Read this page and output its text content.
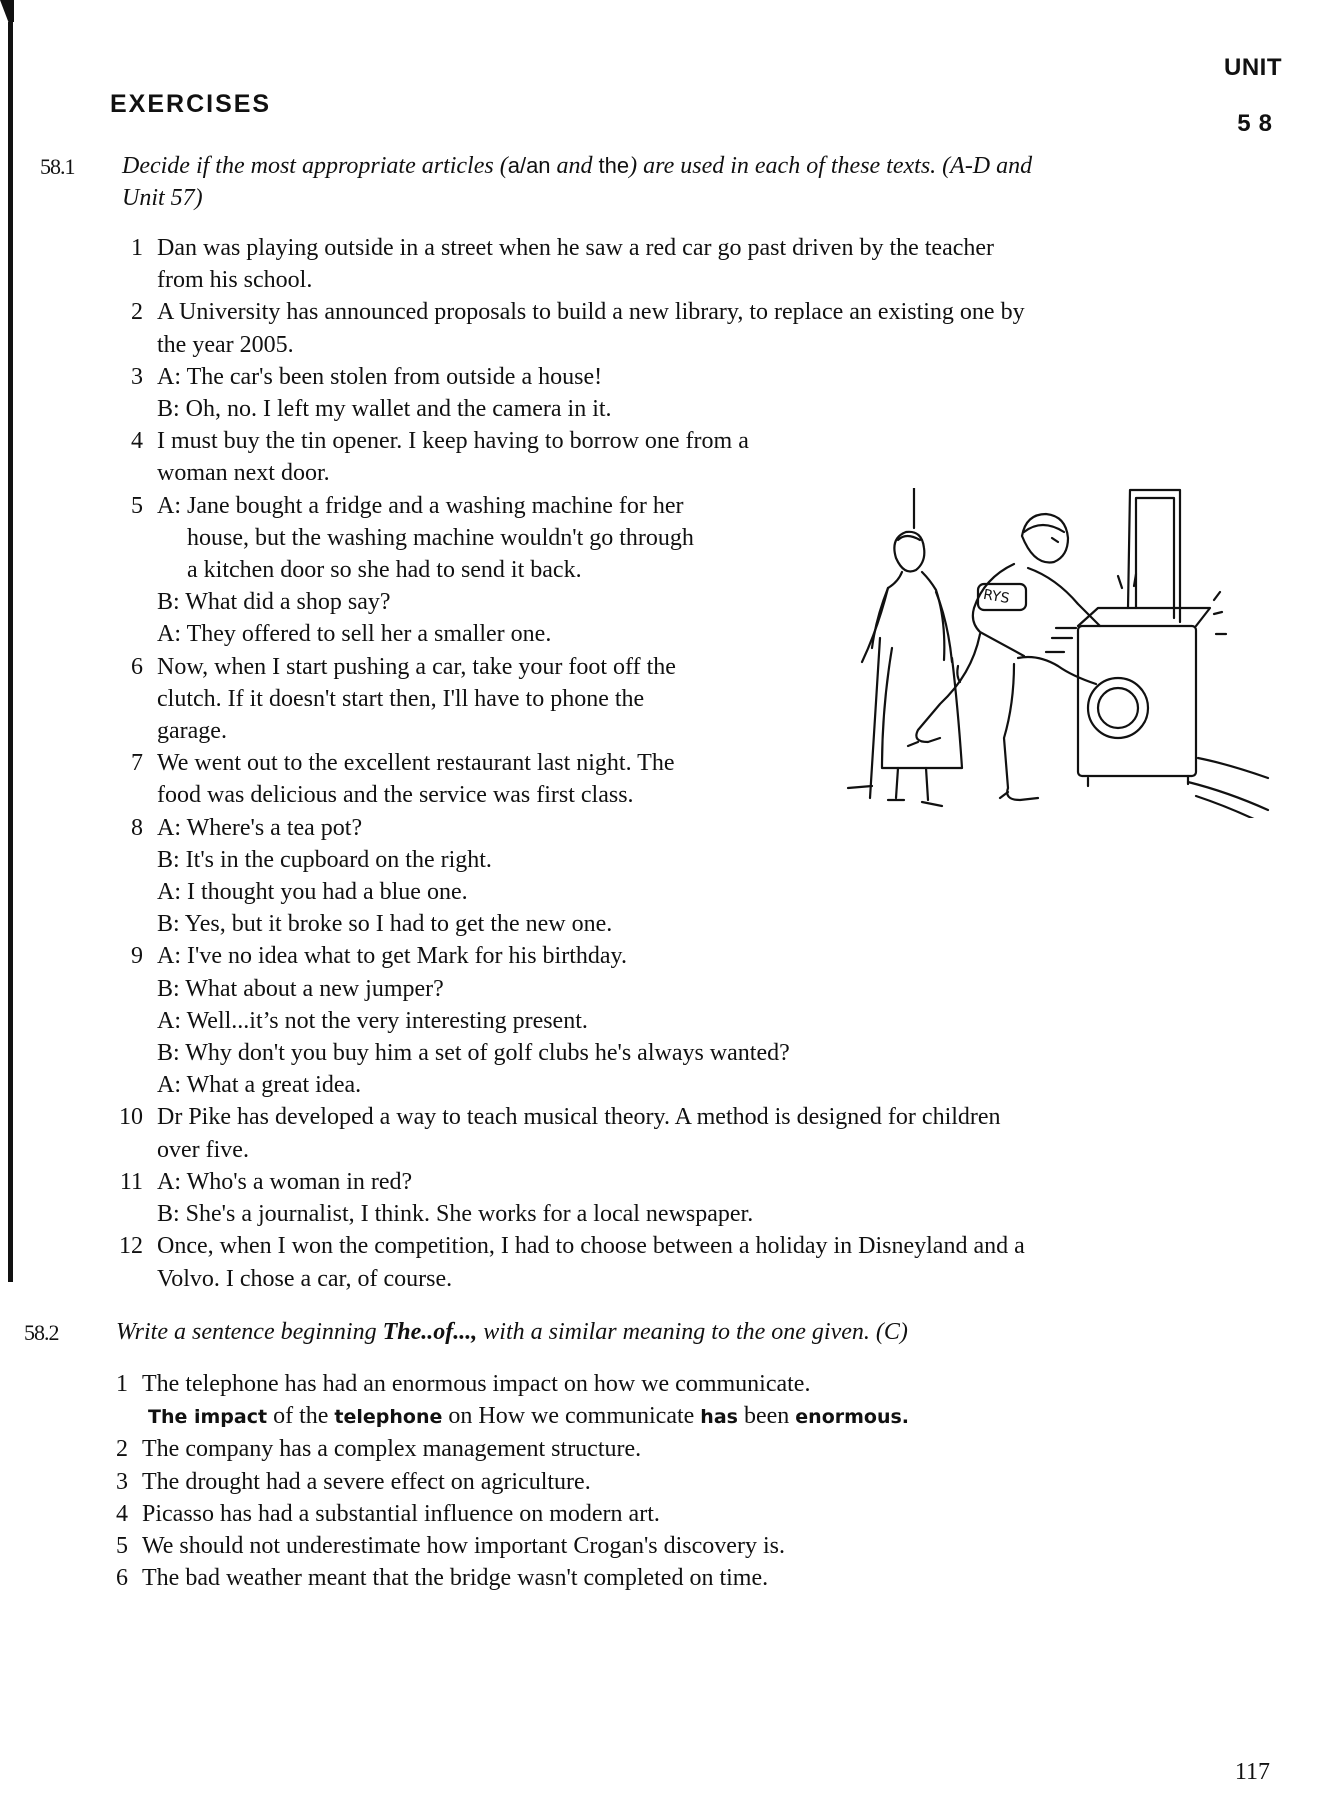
UNIT
58
EXERCISES
58.1 Decide if the most appropriate articles (a/an and the) are used in each of these texts. (A-D and
Unit 57)
1 Dan was playing outside in a street when he saw a red car go past driven by the teacher
from his school.
2 A University has announced proposals to build a new library, to replace an existing one by
the year 2005.
3 A: The car's been stolen from outside a house!
B: Oh, no. I left my wallet and the camera in it.
4 I must buy the tin opener. I keep having to borrow one from a
woman next door.
5 A: Jane bought a fridge and a washing machine for her
house, but the washing machine wouldn't go through
a kitchen door so she had to send it back.
B: What did a shop say?
A: They offered to sell her a smaller one.
6 Now, when I start pushing a car, take your foot off the
clutch. If it doesn't start then, I'll have to phone the
garage.
7 We went out to the excellent restaurant last night. The
food was delicious and the service was first class.
8 A: Where's a tea pot?
B: It's in the cupboard on the right.
A: I thought you had a blue one.
B: Yes, but it broke so I had to get the new one.
9 A: I've no idea what to get Mark for his birthday.
B: What about a new jumper?
A: Well...it’s not the very interesting present.
B: Why don't you buy him a set of golf clubs he's always wanted?
A: What a great idea.
10 Dr Pike has developed a way to teach musical theory. A method is designed for children
over five.
11 A: Who's a woman in red?
B: She's a journalist, I think. She works for a local newspaper.
12 Once, when I won the competition, I had to choose between a holiday in Disneyland and a
Volvo. I chose a car, of course.
RYS
58.2 Write a sentence beginning The..of..., with a similar meaning to the one given. (C)
1 The telephone has had an enormous impact on how we communicate.
The impact of the telephone on How we communicate has been enormous.
2 The company has a complex management structure.
3 The drought had a severe effect on agriculture.
4 Picasso has had a substantial influence on modern art.
5 We should not underestimate how important Crogan's discovery is.
6 The bad weather meant that the bridge wasn't completed on time.
117
